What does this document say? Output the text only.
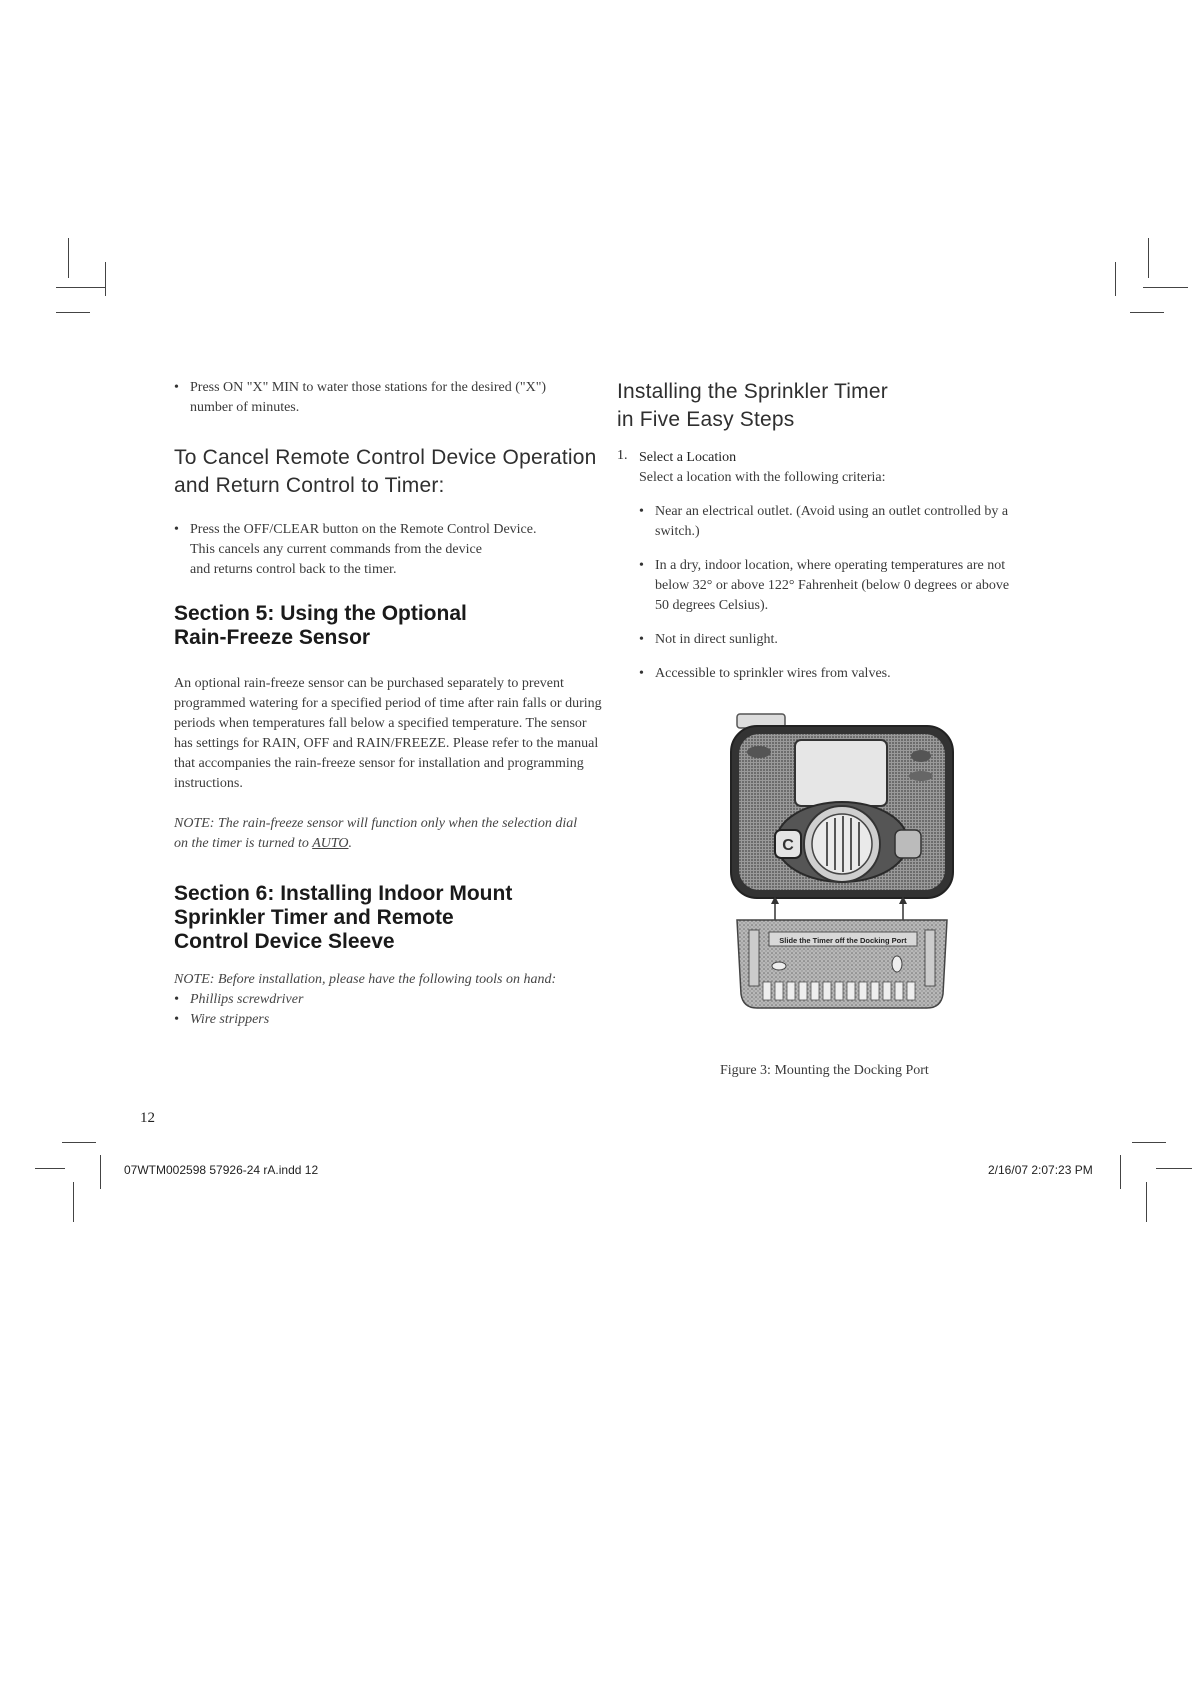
• Press ON "X" MIN to water those stations for the desired ("X") number of minutes.
To Cancel Remote Control Device Operation
and Return Control to Timer:
• Press the OFF/CLEAR button on the Remote Control Device.
This cancels any current commands from the device
and returns control back to the timer.
Section 5: Using the Optional
Rain-Freeze Sensor
An optional rain-freeze sensor can be purchased separately to prevent programmed watering for a specified period of time after rain falls or during periods when temperatures fall below a specified temperature. The sensor has settings for RAIN, OFF and RAIN/FREEZE. Please refer to the manual that accompanies the rain-freeze sensor for installation and programming instructions.
NOTE: The rain-freeze sensor will function only when the selection dial on the timer is turned to AUTO.
Section 6: Installing Indoor Mount
Sprinkler Timer and Remote
Control Device Sleeve
NOTE: Before installation, please have the following tools on hand:
• Phillips screwdriver
• Wire strippers
Installing the Sprinkler Timer
in Five Easy Steps
1. Select a Location
Select a location with the following criteria:
• Near an electrical outlet. (Avoid using an outlet controlled by a switch.)
• In a dry, indoor location, where operating temperatures are not below 32° or above 122° Fahrenheit (below 0 degrees or above 50 degrees Celsius).
• Not in direct sunlight.
• Accessible to sprinkler wires from valves.
C
Slide the Timer off the Docking Port
Figure 3: Mounting the Docking Port
12
07WTM002598 57926-24 rA.indd 12	2/16/07 2:07:23 PM
